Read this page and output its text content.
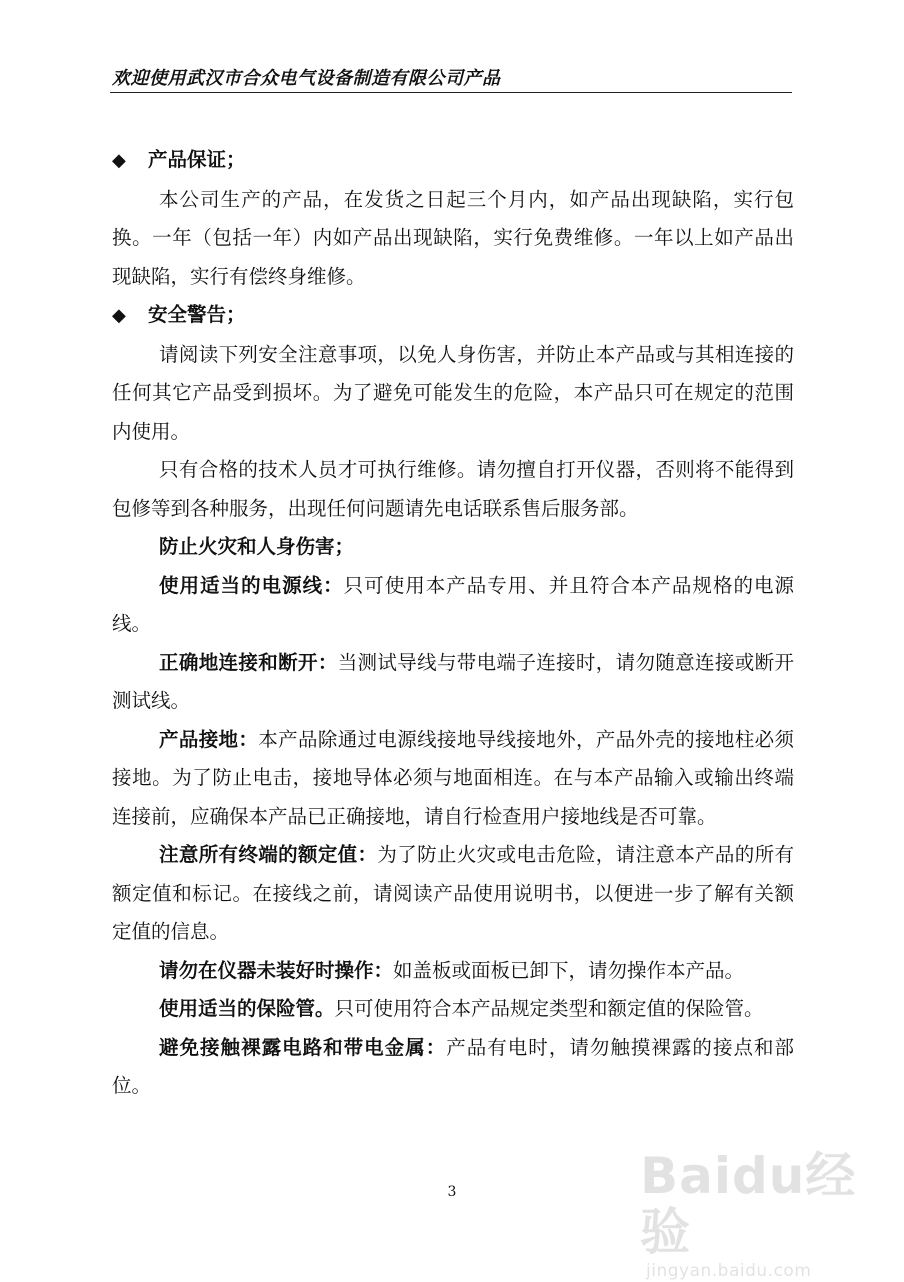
欢迎使用武汉市合众电气设备制造有限公司产品
◆ 产品保证；

本公司生产的产品，在发货之日起三个月内，如产品出现缺陷，实行包换。一年（包括一年）内如产品出现缺陷，实行免费维修。一年以上如产品出现缺陷，实行有偿终身维修。

◆ 安全警告；

请阅读下列安全注意事项，以免人身伤害，并防止本产品或与其相连接的任何其它产品受到损坏。为了避免可能发生的危险，本产品只可在规定的范围内使用。

只有合格的技术人员才可执行维修。请勿擅自打开仪器，否则将不能得到包修等到各种服务，出现任何问题请先电话联系售后服务部。

防止火灾和人身伤害；

使用适当的电源线：只可使用本产品专用、并且符合本产品规格的电源线。

正确地连接和断开：当测试导线与带电端子连接时，请勿随意连接或断开测试线。

产品接地：本产品除通过电源线接地导线接地外，产品外壳的接地柱必须接地。为了防止电击，接地导体必须与地面相连。在与本产品输入或输出终端连接前，应确保本产品已正确接地，请自行检查用户接地线是否可靠。

注意所有终端的额定值：为了防止火灾或电击危险，请注意本产品的所有额定值和标记。在接线之前，请阅读产品使用说明书，以便进一步了解有关额定值的信息。

请勿在仪器未装好时操作：如盖板或面板已卸下，请勿操作本产品。

使用适当的保险管。只可使用符合本产品规定类型和额定值的保险管。

避免接触裸露电路和带电金属：产品有电时，请勿触摸裸露的接点和部位。

3	Baidu经验
jingyan.baidu.com
